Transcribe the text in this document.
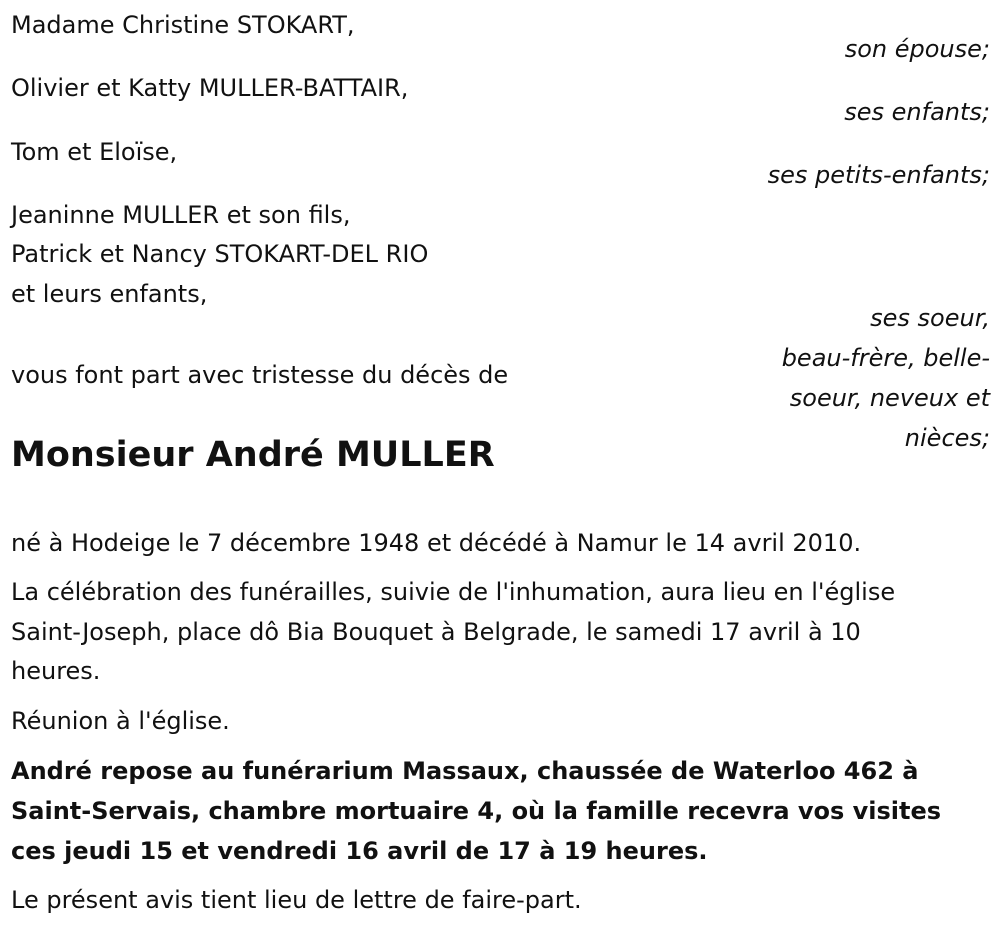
Madame Christine STOKART,

son épouse;

Olivier et Katty MULLER-BATTAIR,

ses enfants;

Tom et Eloïse,

ses petits-enfants;

Jeaninne MULLER et son fils,

Patrick et Nancy STOKART-DEL RIO

et leurs enfants,

ses soeur,

beau-frère, belle-

soeur, neveux et

nièces;

vous font part avec tristesse du décès de

Monsieur André MULLER

né à Hodeige le 7 décembre 1948 et décédé à Namur le 14 avril 2010.

La célébration des funérailles, suivie de l'inhumation, aura lieu en l'église

Saint-Joseph, place dô Bia Bouquet à Belgrade, le samedi 17 avril à 10

heures.

Réunion à l'église.

André repose au funérarium Massaux, chaussée de Waterloo 462 à

Saint-Servais, chambre mortuaire 4, où la famille recevra vos visites

ces jeudi 15 et vendredi 16 avril de 17 à 19 heures.

Le présent avis tient lieu de lettre de faire-part.
